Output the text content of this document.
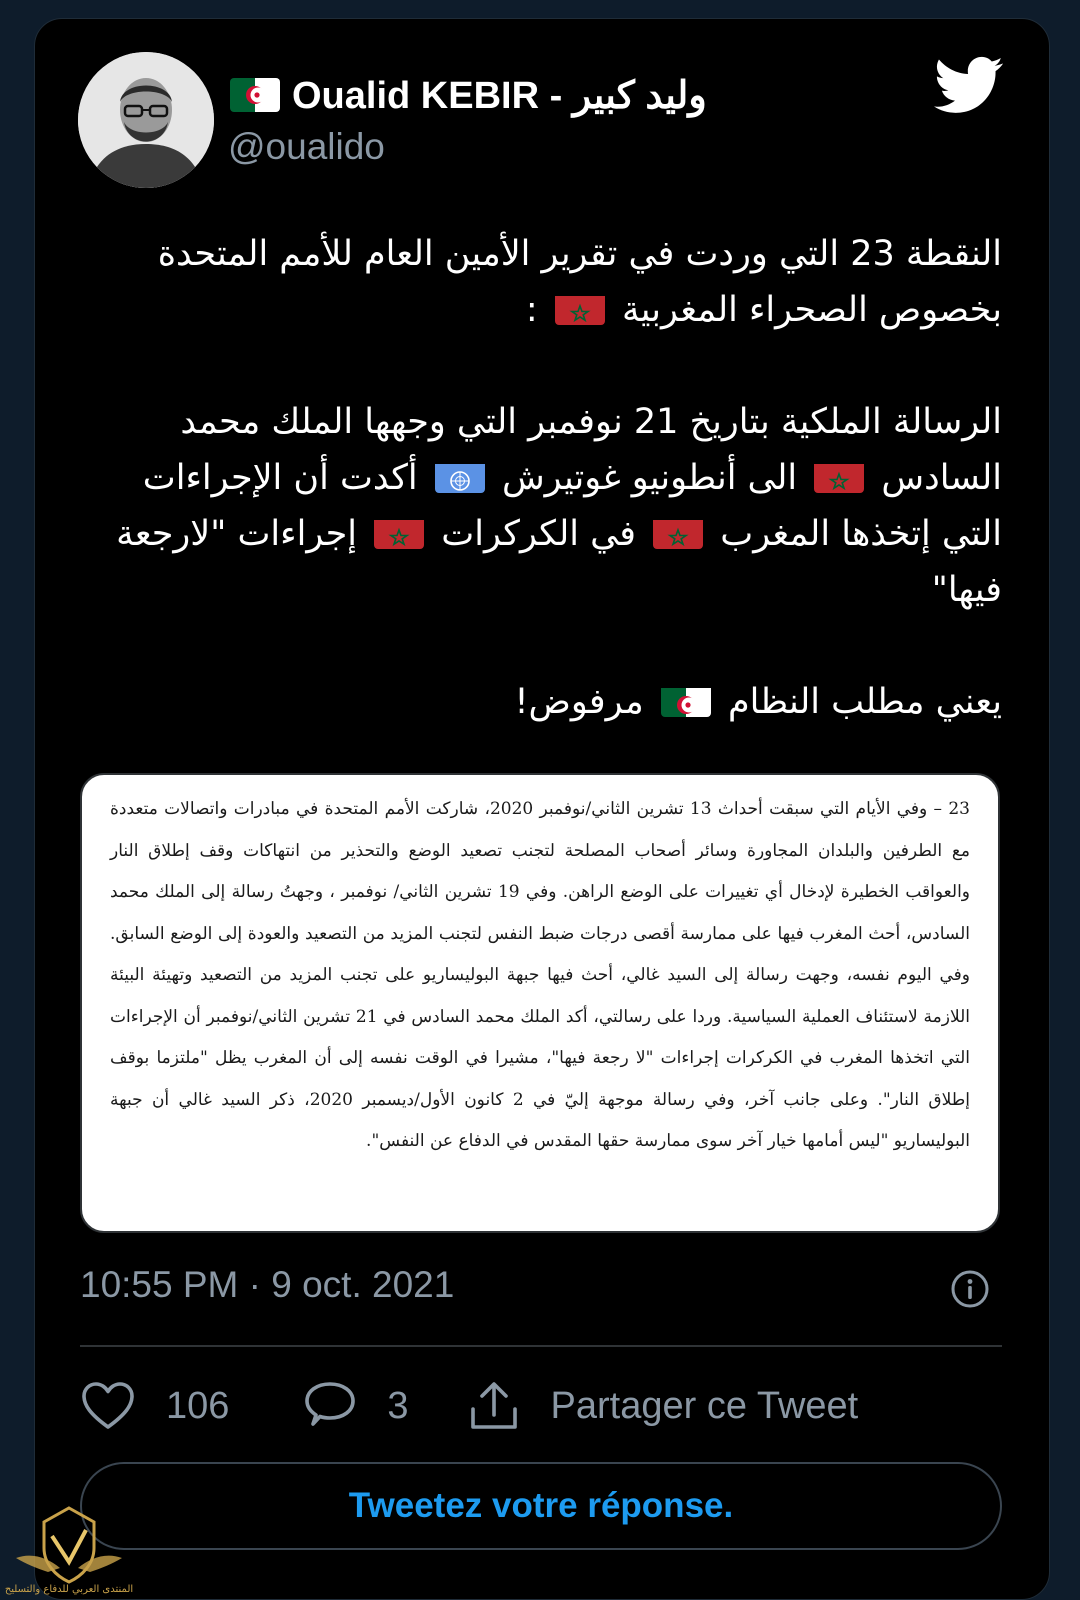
Oualid KEBIR - وليد كبير
@oualido

النقطة 23 التي وردت في تقرير الأمين العام للأمم المتحدة
بخصوص الصحراء المغربية  :

الرسالة الملكية بتاريخ 21 نوفمبر التي وجهها الملك محمد السادس  الى أنطونيو غوتيرش  أكدت أن الإجراءات التي إتخذها المغرب  في الكركرات  إجراءات "لارجعة فيها"

يعني مطلب النظام  مرفوض!

23 – وفي الأيام التي سبقت أحداث 13 تشرين الثاني/نوفمبر 2020، شاركت الأمم المتحدة في مبادرات واتصالات متعددة مع الطرفين والبلدان المجاورة وسائر أصحاب المصلحة لتجنب تصعيد الوضع والتحذير من انتهاكات وقف إطلاق النار والعواقب الخطيرة لإدخال أي تغييرات على الوضع الراهن. وفي 19 تشرين الثاني/ نوفمبر ، وجهتُ رسالة إلى الملك محمد السادس، أحث المغرب فيها على ممارسة أقصى درجات ضبط النفس لتجنب المزيد من التصعيد والعودة إلى الوضع السابق. وفي اليوم نفسه، وجهت رسالة إلى السيد غالي، أحث فيها جبهة البوليساريو على تجنب المزيد من التصعيد وتهيئة البيئة اللازمة لاستئناف العملية السياسية. وردا على رسالتي، أكد الملك محمد السادس في 21 تشرين الثاني/نوفمبر أن الإجراءات التي اتخذها المغرب في الكركرات إجراءات "لا رجعة فيها"، مشيرا في الوقت نفسه إلى أن المغرب يظل "ملتزما بوقف إطلاق النار". وعلى جانب آخر، وفي رسالة موجهة إليّ في 2 كانون الأول/ديسمبر 2020، ذكر السيد غالي أن جبهة البوليساريو "ليس أمامها خيار آخر سوى ممارسة حقها المقدس في الدفاع عن النفس".
10:55 PM · 9 oct. 2021
106	3	Partager ce Tweet
Tweetez votre réponse.
المنتدى العربي للدفاع والتسليح
